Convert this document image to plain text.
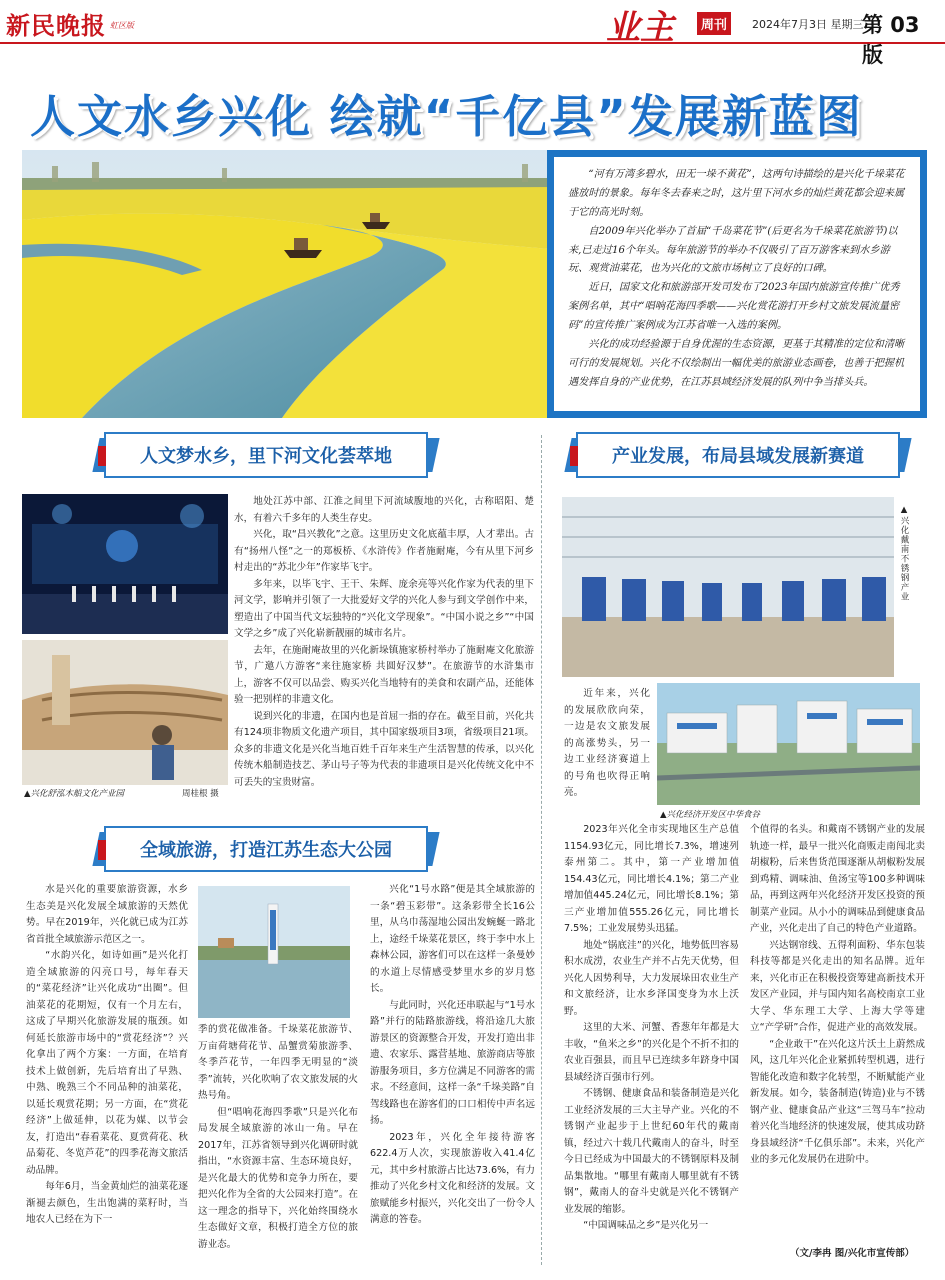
新民晚报 虹区版	业主	周刊	2024年7月3日 星期三
第 03 版
人文水乡兴化 绘就“千亿县”发展新蓝图

“河有万湾多碧水，田无一垛不黄花”，这两句诗描绘的是兴化千垛菜花盛放时的景象。每年冬去春来之时，这片里下河水乡的灿烂黄花都会迎来属于它的高光时刻。

自2009年兴化举办了首届“千岛菜花节”(后更名为千垛菜花旅游节)以来,已走过16个年头。每年旅游节的举办不仅吸引了百万游客来到水乡游玩、观赏油菜花，也为兴化的文旅市场树立了良好的口碑。

近日，国家文化和旅游部开发司发布了2023年国内旅游宣传推广优秀案例名单，其中“唱响花海四季歌——兴化赏花游打开乡村文旅发展流量密码”的宣传推广案例成为江苏省唯一入选的案例。

兴化的成功经验源于自身优渥的生态资源，更基于其精准的定位和清晰可行的发展规划。兴化不仅绘制出一幅优美的旅游业态画卷，也善于把握机遇发挥自身的产业优势，在江苏县域经济发展的队列中争当排头兵。

人文梦水乡，里下河文化荟萃地	产业发展，布局县域发展新赛道
全域旅游，打造江苏生态大公园
▲兴化舒泓木船文化产业园	周桂根 摄

地处江苏中部、江淮之间里下河流域腹地的兴化，古称昭阳、楚水，有着六千多年的人类生存史。

兴化，取“昌兴教化”之意。这里历史文化底蕴丰厚，人才辈出。古有“扬州八怪”之一的郑板桥、《水浒传》作者施耐庵，今有从里下河乡村走出的“苏北少年”作家毕飞宇。

多年来，以毕飞宇、王干、朱辉、庞余亮等兴化作家为代表的里下河文学，影响并引领了一大批爱好文学的兴化人参与到文学创作中来，塑造出了中国当代文坛独特的“兴化文学现象”。“中国小说之乡”“中国文学之乡”成了兴化崭新靓丽的城市名片。

去年，在施耐庵故里的兴化新垛镇施家桥村举办了施耐庵文化旅游节，广邀八方游客“来往施家桥 共圆好汉梦”。在旅游节的水浒集市上，游客不仅可以品尝、购买兴化当地特有的美食和农副产品，还能体验一把别样的非遗文化。

说到兴化的非遗，在国内也是首屈一指的存在。截至目前，兴化共有124项非物质文化遗产项目，其中国家级项目3项，省级项目21项。众多的非遗文化是兴化当地百姓千百年来生产生活智慧的传承，以兴化传统木船制造技艺、茅山号子等为代表的非遗项目是兴化传统文化中不可丢失的宝贵财富。

▲兴化戴南不锈钢产业
▲兴化经济开发区中华食谷

近年来，兴化的发展欣欣向荣，一边是农文旅发展的高涨势头，另一边工业经济赛道上的号角也吹得正响亮。

2023年兴化全市实现地区生产总值1154.93亿元，同比增长7.3%，增速列泰州第二。其中，第一产业增加值154.43亿元，同比增长4.1%；第二产业增加值445.24亿元，同比增长8.1%；第三产业增加值555.26亿元，同比增长7.5%；工业发展势头迅猛。

地处“锅底洼”的兴化，地势低凹容易积水成涝，农业生产并不占先天优势，但兴化人因势利导，大力发展垛田农业生产和文旅经济，让水乡泽国变身为水上沃野。

这里的大米、河蟹、香葱年年都是大丰收，“鱼米之乡”的兴化是个不折不扣的农业百强县，而且早已连续多年跻身中国县域经济百强市行列。

不锈钢、健康食品和装备制造是兴化工业经济发展的三大主导产业。兴化的不锈钢产业起步于上世纪60年代的戴南镇，经过六十载几代戴南人的奋斗，时至今日已经成为中国最大的不锈钢原料及制品集散地。“哪里有戴南人哪里就有不锈钢”，戴南人的奋斗史就是兴化不锈钢产业发展的缩影。

“中国调味品之乡”是兴化另一

个值得的名头。和戴南不锈钢产业的发展轨迹一样，最早一批兴化商贩走南闯北卖胡椒粉，后来售货范围逐渐从胡椒粉发展到鸡精、调味油、鱼汤宝等100多种调味品，再到这两年兴化经济开发区投资的预制菜产业园。从小小的调味品到健康食品产业，兴化走出了自己的特色产业道路。

兴达钢帘线、五得利面粉、华东包装科技等都是兴化走出的知名品牌。近年来，兴化市正在积极投资筹建高新技术开发区产业园，并与国内知名高校南京工业大学、华东理工大学、上海大学等建立“产学研”合作，促进产业的高效发展。

“企业敢干”在兴化这片沃土上蔚然成风，这几年兴化企业紧抓转型机遇，进行智能化改造和数字化转型，不断赋能产业新发展。如今，装备制造(铸造)业与不锈钢产业、健康食品产业这“三驾马车”拉动着兴化当地经济的快速发展，使其成功跻身县域经济“千亿俱乐部”。未来，兴化产业的多元化发展仍在进阶中。

（文/李冉 图/兴化市宣传部）

水是兴化的重要旅游资源，水乡生态美是兴化发展全域旅游的天然优势。早在2019年，兴化就已成为江苏省首批全域旅游示范区之一。

“水韵兴化，如诗如画”是兴化打造全域旅游的闪亮口号，每年春天的“菜花经济”让兴化成功“出圈”。但油菜花的花期短，仅有一个月左右，这成了早期兴化旅游发展的瓶颈。如何延长旅游市场中的“赏花经济”？兴化拿出了两个方案：一方面，在培育技术上做创新，先后培育出了早熟、中熟、晚熟三个不同品种的油菜花，以延长观赏花期；另一方面，在“赏花经济”上做延伸，以花为媒、以节会友，打造出“春看菜花、夏赏荷花、秋品菊花、冬览芦花”的四季花海文旅活动品牌。

每年6月，当金黄灿烂的油菜花逐渐褪去颜色，生出饱满的菜籽时，当地农人已经在为下一

季的赏花做准备。千垛菜花旅游节、万亩荷塘荷花节、品蟹赏菊旅游季、冬季芦花节，一年四季无明显的“淡季”流转，兴化吹响了农文旅发展的火热号角。

但“唱响花海四季歌”只是兴化布局发展全域旅游的冰山一角。早在2017年，江苏省领导到兴化调研时就指出，“水资源丰富、生态环境良好，是兴化最大的优势和竞争力所在，要把兴化作为全省的大公园来打造”。在这一理念的指导下，兴化始终围绕水生态做好文章，积极打造全方位的旅游业态。

兴化“1号水路”便是其全域旅游的一条“碧玉彩带”。这条彩带全长16公里，从乌巾荡湿地公园出发蜿蜒一路北上，途经千垛菜花景区，终于李中水上森林公园，游客们可以在这样一条曼妙的水道上尽情感受梦里水乡的岁月悠长。

与此同时，兴化还串联起与“1号水路”并行的陆路旅游线，将沿途几大旅游景区的资源整合开发，开发打造出非遗、农家乐、露营基地、旅游商店等旅游服务项目，多方位满足不同游客的需求。不经意间，这样一条“千垛美路”自驾线路也在游客们的口口相传中声名远扬。

2023年，兴化全年接待游客622.4万人次，实现旅游收入41.4亿元，其中乡村旅游占比达73.6%，有力推动了兴化乡村文化和经济的发展。文旅赋能乡村振兴，兴化交出了一份令人满意的答卷。
